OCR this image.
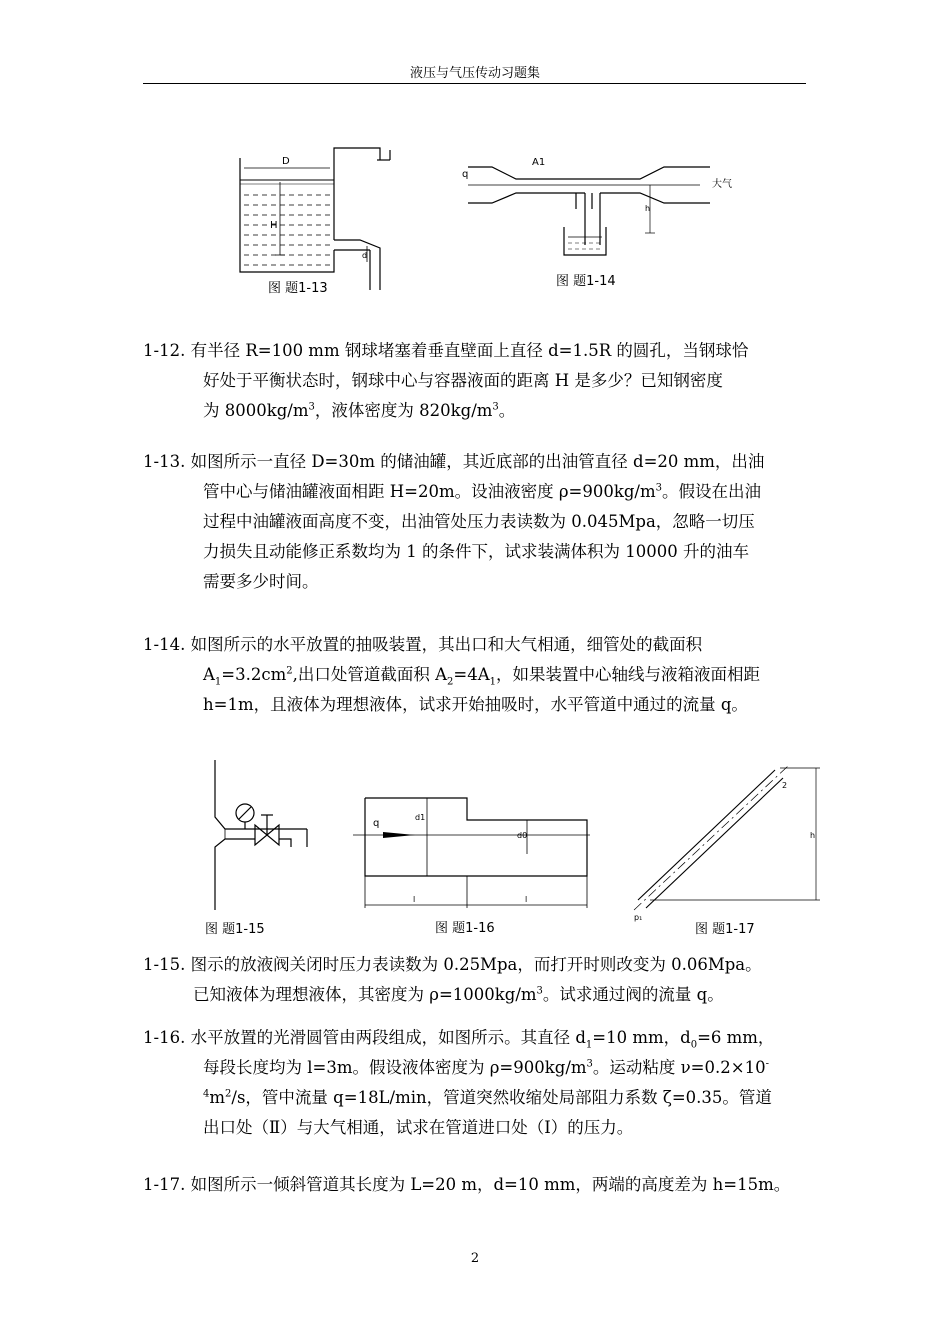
液压与气压传动习题集
D
H
d
图 题1-13
A1
q
大气
h
图 题1-14
1-12. 有半径 R=100 mm 钢球堵塞着垂直壁面上直径 d=1.5R 的圆孔，当钢球恰
好处于平衡状态时，钢球中心与容器液面的距离 H 是多少？已知钢密度
为 $8000kg/m^3$，液体密度为 $820kg/m^3$。
1-13. 如图所示一直径 D=30m 的储油罐，其近底部的出油管直径 d=20 mm，出油
管中心与储油罐液面相距 H=20m。设油液密度 $\rho=900kg/m^3$。假设在出油
过程中油罐液面高度不变，出油管处压力表读数为 0.045Mpa，忽略一切压
力损失且动能修正系数均为 1 的条件下，试求装满体积为 10000 升的油车
需要多少时间。
1-14. 如图所示的水平放置的抽吸装置，其出口和大气相通，细管处的截面积
$A_1=3.2cm^2$,出口处管道截面积 $A_2=4A_1$，如果装置中心轴线与液箱液面相距
h=1m，且液体为理想液体，试求开始抽吸时，水平管道中通过的流量 q。
图 题1-15
q
d1
d0
l	l
图 题1-16
2
h
p₁
图 题1-17
1-15. 图示的放液阀关闭时压力表读数为 0.25Mpa，而打开时则改变为 0.06Mpa。
已知液体为理想液体，其密度为 $\rho=1000kg/m^3$。试求通过阀的流量 q。
1-16. 水平放置的光滑圆管由两段组成，如图所示。其直径 $d_1=10$ mm，$d_0=6$ mm，
每段长度均为 l=3m。假设液体密度为 $\rho=900kg/m^3$。运动粘度 ν=0.2×10-
$^4m^2/s$，管中流量 q=18L/min，管道突然收缩处局部阻力系数 ζ=0.35。管道
出口处（Ⅱ）与大气相通，试求在管道进口处（Ⅰ）的压力。
1-17. 如图所示一倾斜管道其长度为 L=20 m，d=10 mm，两端的高度差为 h=15m。
2
